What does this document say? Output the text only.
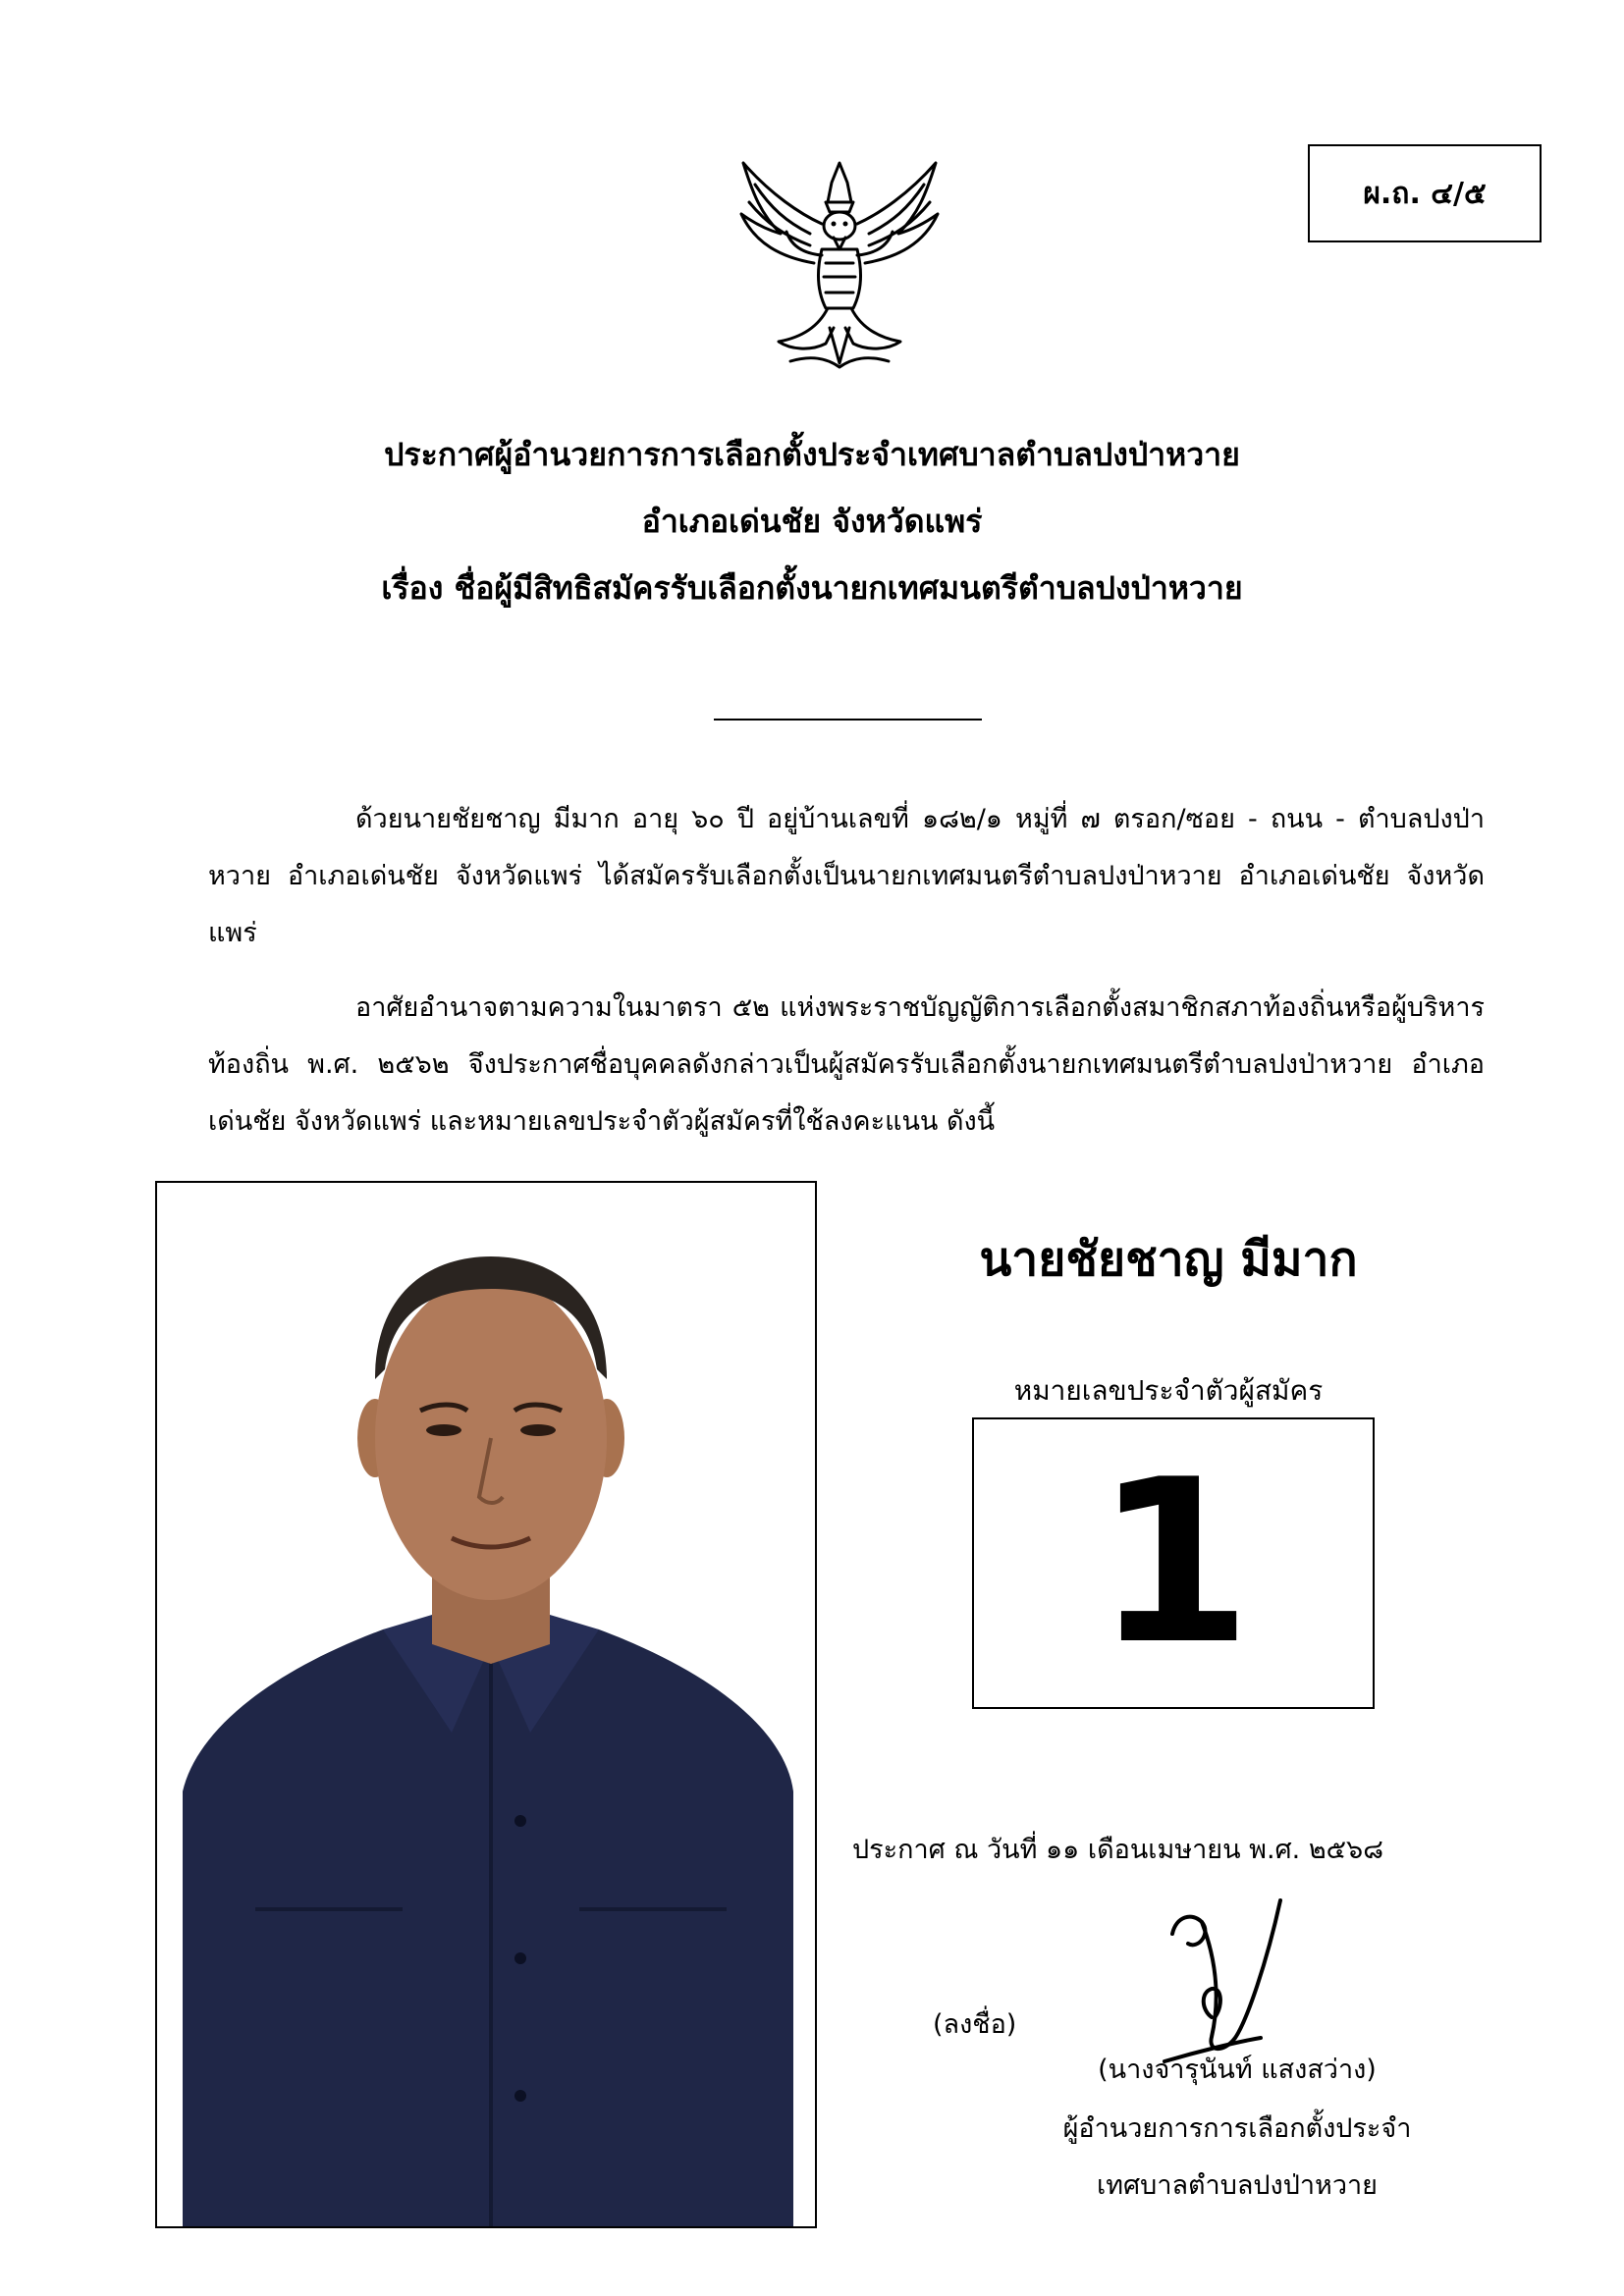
ผ.ถ. ๔/๕
ประกาศผู้อำนวยการการเลือกตั้งประจำเทศบาลตำบลปงป่าหวาย
อำเภอเด่นชัย จังหวัดแพร่
เรื่อง ชื่อผู้มีสิทธิสมัครรับเลือกตั้งนายกเทศมนตรีตำบลปงป่าหวาย

ด้วยนายชัยชาญ มีมาก อายุ ๖๐ ปี อยู่บ้านเลขที่ ๑๘๒/๑ หมู่ที่ ๗ ตรอก/ซอย - ถนน - ตำบลปงป่าหวาย อำเภอเด่นชัย จังหวัดแพร่ ได้สมัครรับเลือกตั้งเป็นนายกเทศมนตรีตำบลปงป่าหวาย อำเภอเด่นชัย จังหวัดแพร่

อาศัยอำนาจตามความในมาตรา ๕๒ แห่งพระราชบัญญัติการเลือกตั้งสมาชิกสภาท้องถิ่นหรือผู้บริหารท้องถิ่น พ.ศ. ๒๕๖๒ จึงประกาศชื่อบุคคลดังกล่าวเป็นผู้สมัครรับเลือกตั้งนายกเทศมนตรีตำบลปงป่าหวาย อำเภอเด่นชัย จังหวัดแพร่ และหมายเลขประจำตัวผู้สมัครที่ใช้ลงคะแนน ดังนี้

นายชัยชาญ มีมาก
หมายเลขประจำตัวผู้สมัคร
1
ประกาศ ณ วันที่ ๑๑ เดือนเมษายน พ.ศ. ๒๕๖๘
(ลงชื่อ)
(นางจารุนันท์ แสงสว่าง)
ผู้อำนวยการการเลือกตั้งประจำ
เทศบาลตำบลปงป่าหวาย
